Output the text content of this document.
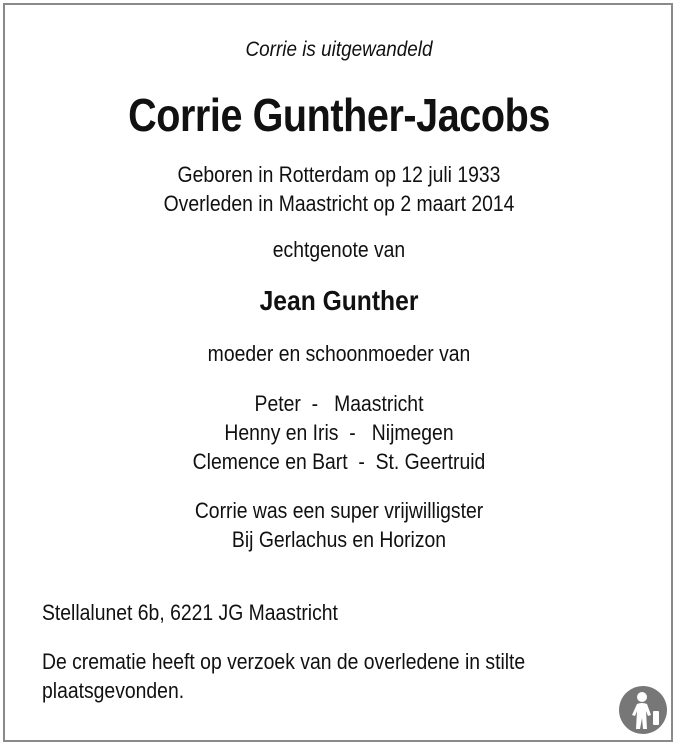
Corrie is uitgewandeld
Corrie Gunther-Jacobs
Geboren in Rotterdam op 12 juli 1933
Overleden in Maastricht op 2 maart 2014
echtgenote van
Jean Gunther
moeder en schoonmoeder van
Peter  -   Maastricht
Henny en Iris  -   Nijmegen
Clemence en Bart  -  St. Geertruid
Corrie was een super vrijwilligster
Bij Gerlachus en Horizon
Stellalunet 6b, 6221 JG Maastricht
De crematie heeft op verzoek van de overledene in stilte
plaatsgevonden.
